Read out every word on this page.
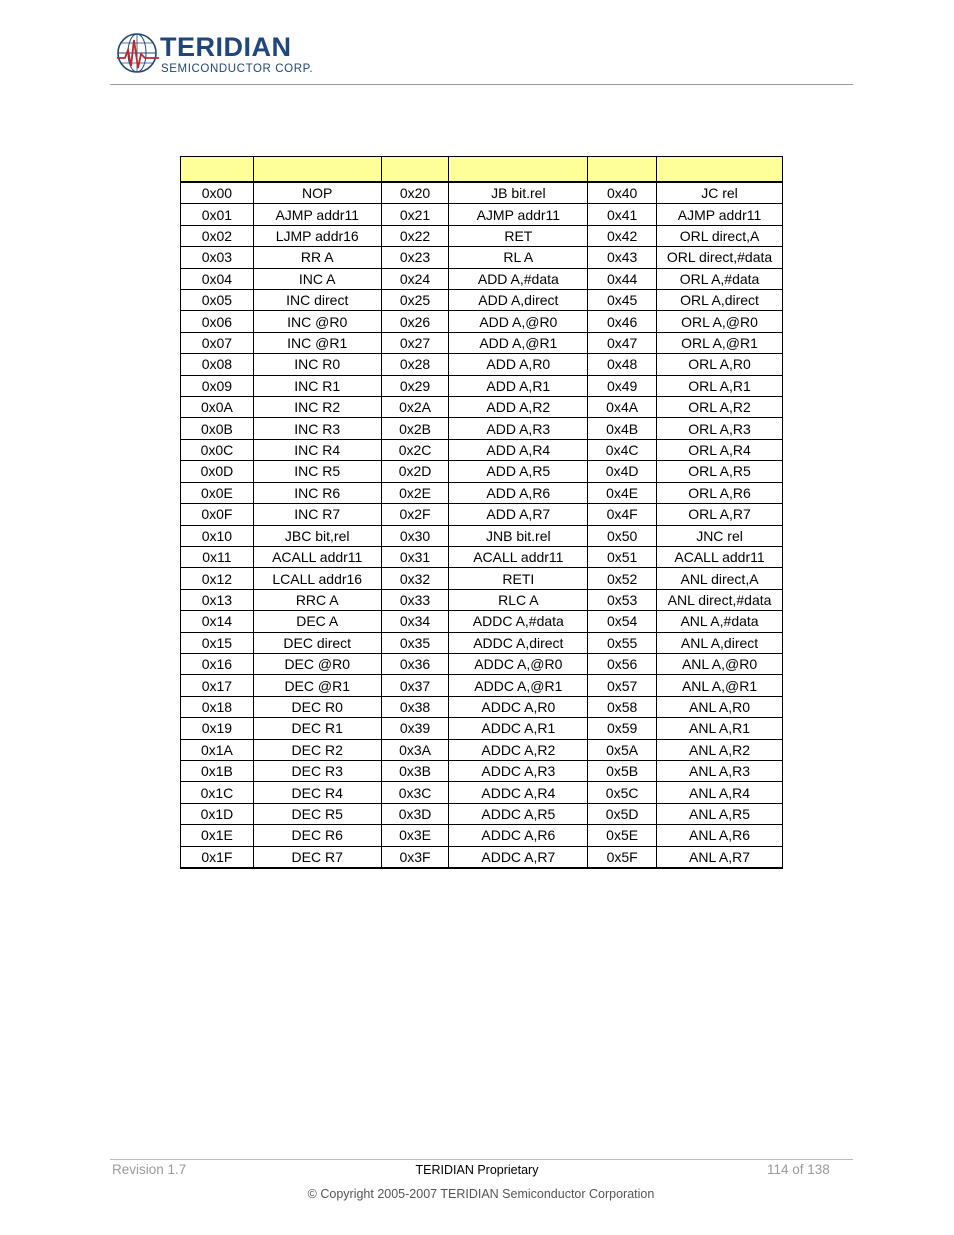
TERIDIAN
SEMICONDUCTOR CORP.

0x00	NOP	0x20	JB bit.rel	0x40	JC rel
0x01	AJMP addr11	0x21	AJMP addr11	0x41	AJMP addr11
0x02	LJMP addr16	0x22	RET	0x42	ORL direct,A
0x03	RR A	0x23	RL A	0x43	ORL direct,#data
0x04	INC A	0x24	ADD A,#data	0x44	ORL A,#data
0x05	INC direct	0x25	ADD A,direct	0x45	ORL A,direct
0x06	INC @R0	0x26	ADD A,@R0	0x46	ORL A,@R0
0x07	INC @R1	0x27	ADD A,@R1	0x47	ORL A,@R1
0x08	INC R0	0x28	ADD A,R0	0x48	ORL A,R0
0x09	INC R1	0x29	ADD A,R1	0x49	ORL A,R1
0x0A	INC R2	0x2A	ADD A,R2	0x4A	ORL A,R2
0x0B	INC R3	0x2B	ADD A,R3	0x4B	ORL A,R3
0x0C	INC R4	0x2C	ADD A,R4	0x4C	ORL A,R4
0x0D	INC R5	0x2D	ADD A,R5	0x4D	ORL A,R5
0x0E	INC R6	0x2E	ADD A,R6	0x4E	ORL A,R6
0x0F	INC R7	0x2F	ADD A,R7	0x4F	ORL A,R7
0x10	JBC bit,rel	0x30	JNB bit.rel	0x50	JNC rel
0x11	ACALL addr11	0x31	ACALL addr11	0x51	ACALL addr11
0x12	LCALL addr16	0x32	RETI	0x52	ANL direct,A
0x13	RRC A	0x33	RLC A	0x53	ANL direct,#data
0x14	DEC A	0x34	ADDC A,#data	0x54	ANL A,#data
0x15	DEC direct	0x35	ADDC A,direct	0x55	ANL A,direct
0x16	DEC @R0	0x36	ADDC A,@R0	0x56	ANL A,@R0
0x17	DEC @R1	0x37	ADDC A,@R1	0x57	ANL A,@R1
0x18	DEC R0	0x38	ADDC A,R0	0x58	ANL A,R0
0x19	DEC R1	0x39	ADDC A,R1	0x59	ANL A,R1
0x1A	DEC R2	0x3A	ADDC A,R2	0x5A	ANL A,R2
0x1B	DEC R3	0x3B	ADDC A,R3	0x5B	ANL A,R3
0x1C	DEC R4	0x3C	ADDC A,R4	0x5C	ANL A,R4
0x1D	DEC R5	0x3D	ADDC A,R5	0x5D	ANL A,R5
0x1E	DEC R6	0x3E	ADDC A,R6	0x5E	ANL A,R6
0x1F	DEC R7	0x3F	ADDC A,R7	0x5F	ANL A,R7
Revision 1.7	TERIDIAN Proprietary	114 of 138
© Copyright 2005-2007 TERIDIAN Semiconductor Corporation
